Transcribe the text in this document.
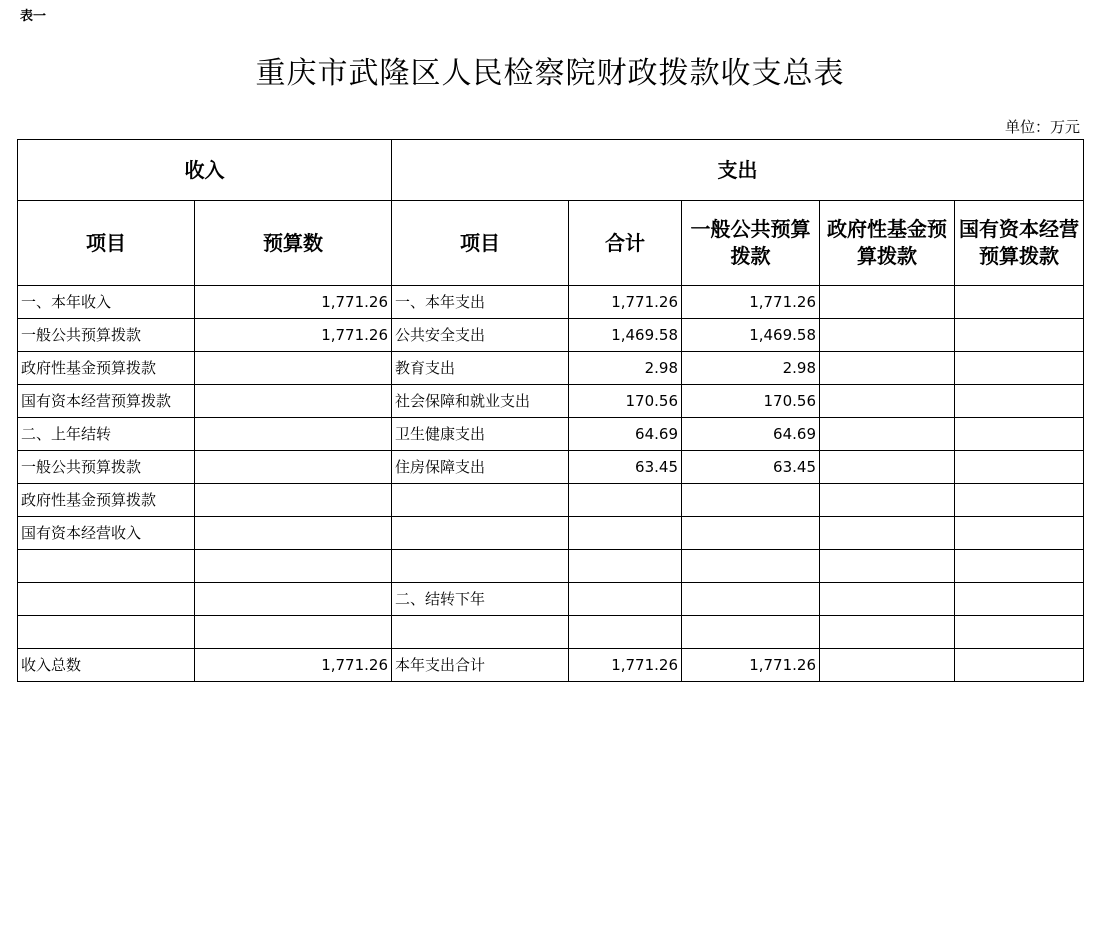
表一
重庆市武隆区人民检察院财政拨款收支总表
单位：万元
收入		支出				
项目	预算数	项目	合计	一般公共预算拨款	政府性基金预算拨款	国有资本经营预算拨款
一、本年收入	1,771.26	一、本年支出	1,771.26	1,771.26		
一般公共预算拨款	1,771.26	公共安全支出	1,469.58	1,469.58		
政府性基金预算拨款		教育支出	2.98	2.98		
国有资本经营预算拨款		社会保障和就业支出	170.56	170.56		
二、上年结转		卫生健康支出	64.69	64.69		
一般公共预算拨款		住房保障支出	63.45	63.45		
政府性基金预算拨款						
国有资本经营收入						

		二、结转下年				

收入总数	1,771.26	本年支出合计	1,771.26	1,771.26		
